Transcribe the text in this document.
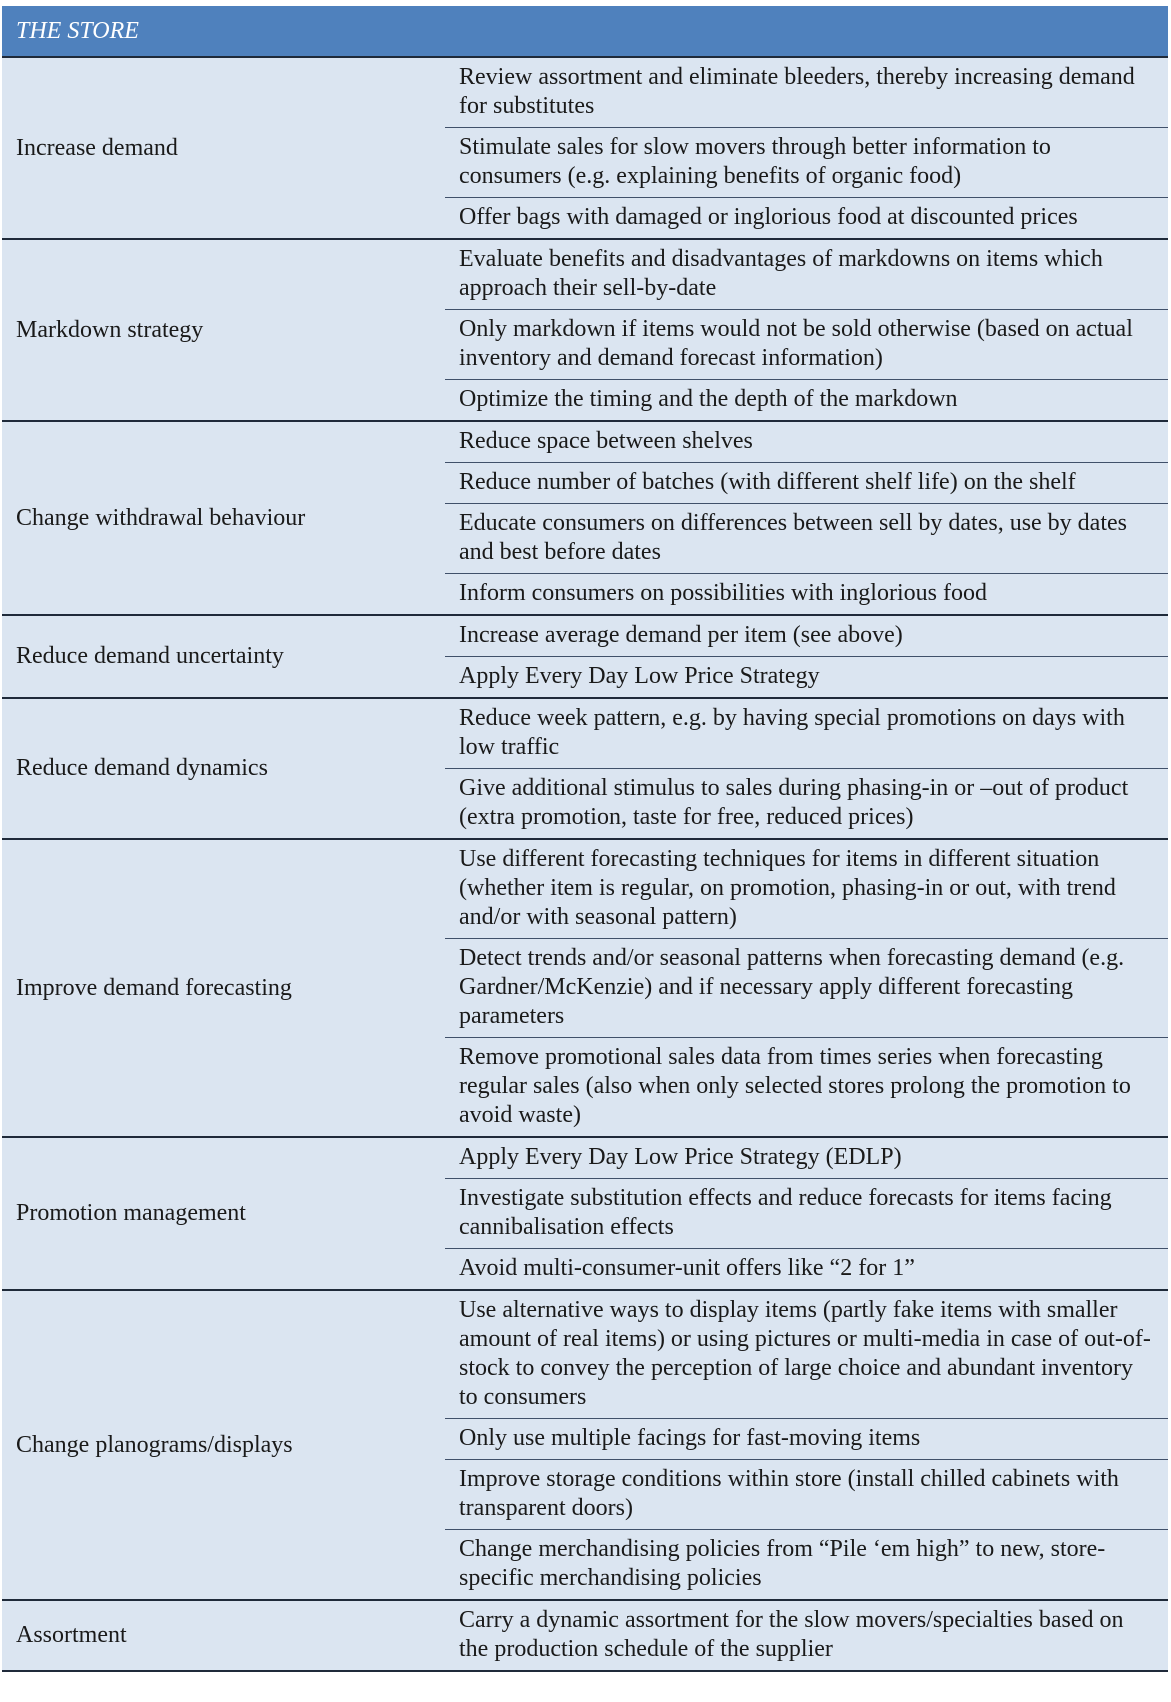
THE STORE	
Increase demand	Review assortment and eliminate bleeders, thereby increasing demand for substitutes
	Stimulate sales for slow movers through better information to consumers (e.g. explaining benefits of organic food)
	Offer bags with damaged or inglorious food at discounted prices
Markdown strategy	Evaluate benefits and disadvantages of markdowns on items which approach their sell-by-date
	Only markdown if items would not be sold otherwise (based on actual inventory and demand forecast information)
	Optimize the timing and the depth of the markdown
Change withdrawal behaviour	Reduce space between shelves
	Reduce number of batches (with different shelf life) on the shelf
	Educate consumers on differences between sell by dates, use by dates and best before dates
	Inform consumers on possibilities with inglorious food
Reduce demand uncertainty	Increase average demand per item (see above)
	Apply Every Day Low Price Strategy
Reduce demand dynamics	Reduce week pattern, e.g. by having special promotions on days with low traffic
	Give additional stimulus to sales during phasing-in or –out of product (extra promotion, taste for free, reduced prices)
Improve demand forecasting	Use different forecasting techniques for items in different situation (whether item is regular, on promotion, phasing-in or out, with trend and/or with seasonal pattern)
	Detect trends and/or seasonal patterns when forecasting demand (e.g. Gardner/McKenzie) and if necessary apply different forecasting parameters
	Remove promotional sales data from times series when forecasting regular sales (also when only selected stores prolong the promotion to avoid waste)
Promotion management	Apply Every Day Low Price Strategy (EDLP)
	Investigate substitution effects and reduce forecasts for items facing cannibalisation effects
	Avoid multi-consumer-unit offers like “2 for 1”
Change planograms/displays	Use alternative ways to display items (partly fake items with smaller amount of real items) or using pictures or multi-media in case of out-of-stock to convey the perception of large choice and abundant inventory to consumers
	Only use multiple facings for fast-moving items
	Improve storage conditions within store (install chilled cabinets with transparent doors)
	Change merchandising policies from “Pile ‘em high” to new, store-specific merchandising policies
Assortment	Carry a dynamic assortment for the slow movers/specialties based on the production schedule of the supplier
